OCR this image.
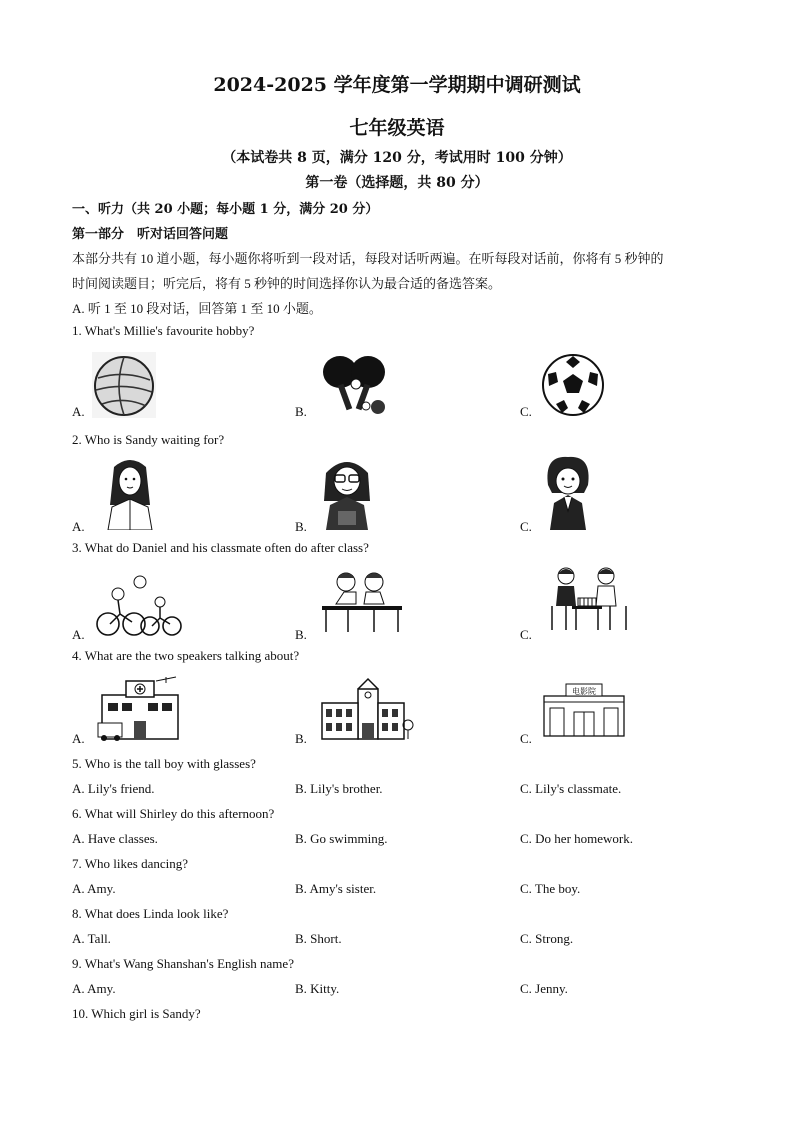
2024-2025 学年度第一学期期中调研测试
七年级英语
（本试卷共 8 页，满分 120 分，考试用时 100 分钟）
第一卷（选择题，共 80 分）
一、听力（共 20 小题；每小题 1 分，满分 20 分）
第一部分　听对话回答问题
本部分共有 10 道小题，每小题你将听到一段对话，每段对话听两遍。在听每段对话前，你将有 5 秒钟的
时间阅读题目；听完后，将有 5 秒钟的时间选择你认为最合适的备选答案。
A. 听 1 至 10 段对话，回答第 1 至 10 小题。
1. What's Millie's favourite hobby?
A.	B.	C.
2. Who is Sandy waiting for?
A.	B.	C.
3. What do Daniel and his classmate often do after class?
A.	B.	C.
4. What are the two speakers talking about?
A.	B.	C.
电影院
5. Who is the tall boy with glasses?
A. Lily's friend.	B. Lily's brother.	C. Lily's classmate.
6. What will Shirley do this afternoon?
A. Have classes.	B. Go swimming.	C. Do her homework.
7. Who likes dancing?
A. Amy.	B. Amy's sister.	C. The boy.
8. What does Linda look like?
A. Tall.	B. Short.	C. Strong.
9. What's Wang Shanshan's English name?
A. Amy.	B. Kitty.	C. Jenny.
10. Which girl is Sandy?
